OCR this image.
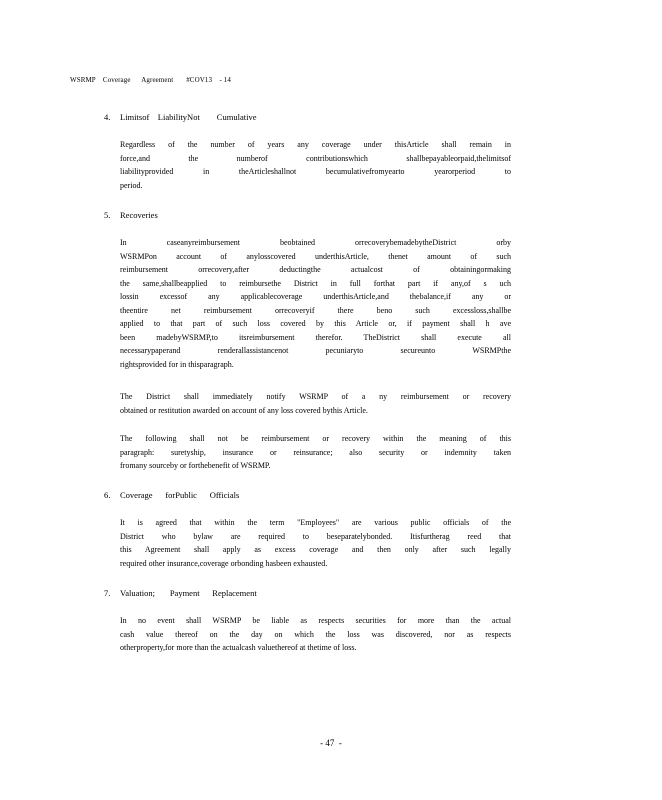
WSRMP    Coverage      Agreement       #COV13    - 14
4. Limitsof    LiabilityNot        Cumulative
Regardless of the number of years any coverage under thisArticle shall remain in
force,and the numberof contributionswhich shallbepayableorpaid,thelimitsof
liabilityprovided in theArticleshallnot becumulativefromyearto yearorperiod to
period.
5. Recoveries
In caseanyreimbursement beobtained orrecoverybemadebytheDistrict orby
WSRMPon account of anylosscovered underthisArticle, thenet amount of such
reimbursement orrecovery,after deductingthe actualcost of obtainingormaking
the same,shallbeapplied to reimbursethe District in full forthat part if any,of s uch
lossin excessof any applicablecoverage underthisArticle,and thebalance,if any or
theentire net reimbursement orrecoveryif there beno such excessloss,shallbe
applied to that part of such loss covered by this Article or, if payment shall h ave
been madebyWSRMP,to itsreimbursement therefor. TheDistrict shall execute all
necessarypaperand renderallassistancenot pecuniaryto secureunto WSRMPthe
rightsprovided for in thisparagraph.
The District shall immediately notify WSRMP of a ny reimbursement or recovery
obtained or restitution awarded on account of any loss covered bythis Article.
The following shall not be reimbursement or recovery within the meaning of this
paragraph: suretyship, insurance or reinsurance; also security or indemnity taken
fromany sourceby or forthebenefit of WSRMP.
6. Coverage      forPublic      Officials
It is agreed that within the term "Employees" are various public officials of the
District who bylaw are required to beseparatelybonded. Itisfurtherag reed that
this Agreement shall apply as excess coverage and then only after such legally
required other insurance,coverage orbonding hasbeen exhausted.
7. Valuation;       Payment      Replacement
In no event shall WSRMP be liable as respects securities for more than the actual
cash value thereof on the day on which the loss was discovered, nor as respects
otherproperty,for more than the actualcash valuethereof at thetime of loss.
- 47  -
